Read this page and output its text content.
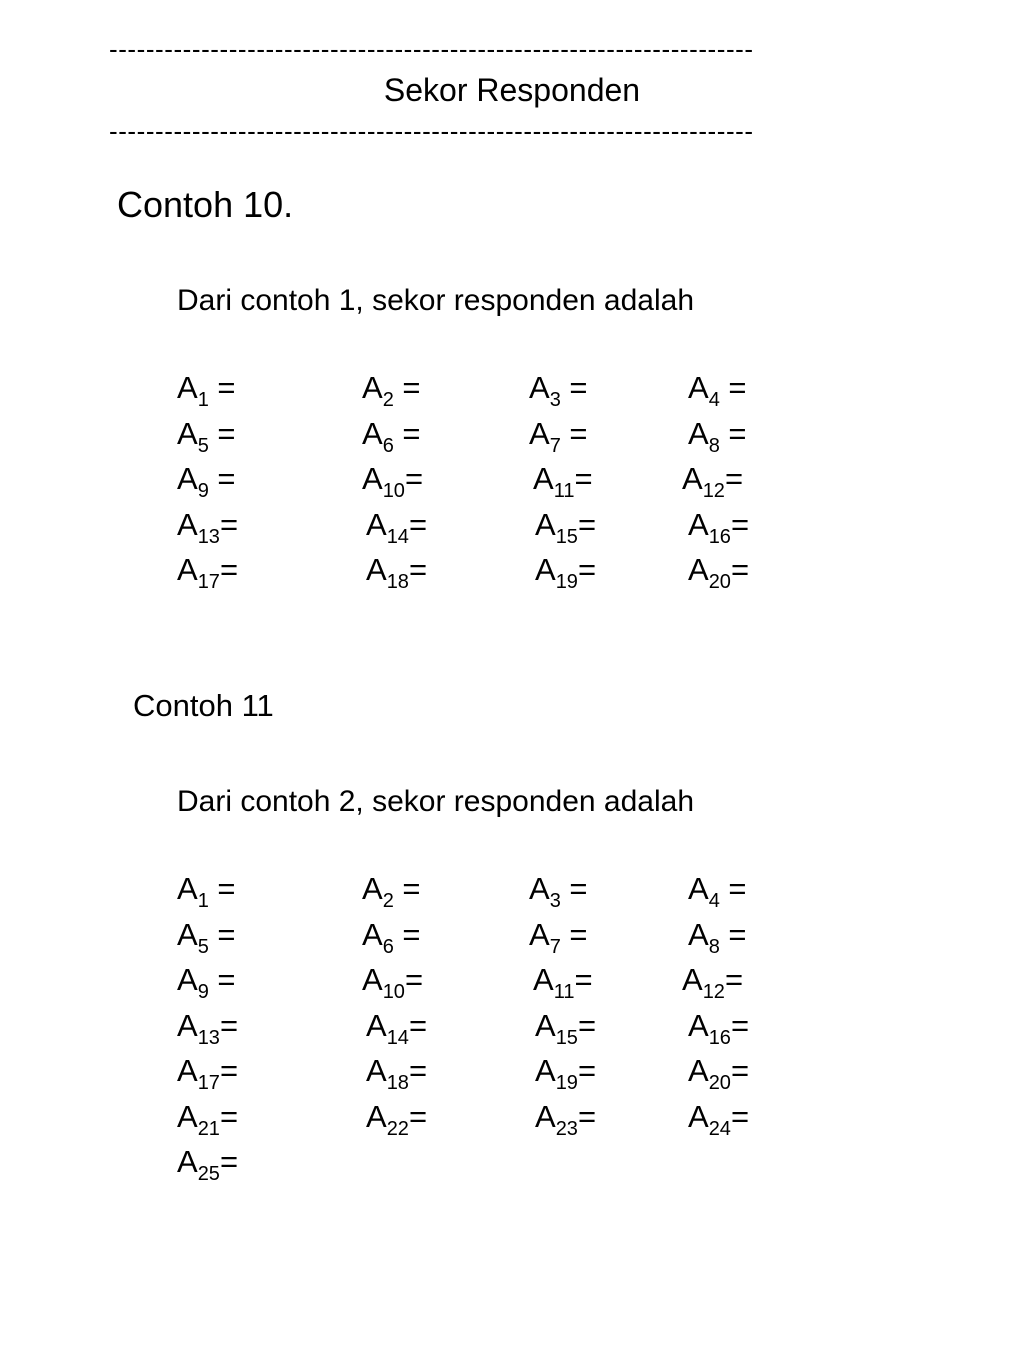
----------------------------------------------------------------------
Sekor Responden
----------------------------------------------------------------------
Contoh 10.
Dari contoh 1, sekor responden adalah
$A_1$ =	$A_2$ =	$A_3$ =	$A_4$ =
$A_5$ =	$A_6$ =	$A_7$ =	$A_8$ =
$A_9$ =	$A_{10}=$	$A_{11}=$	$A_{12}=$
$A_{13}=$	$A_{14}=$	$A_{15}=$	$A_{16}=$
$A_{17}=$	$A_{18}=$	$A_{19}=$	$A_{20}=$
Contoh 11
Dari contoh 2, sekor responden adalah
$A_1$ =	$A_2$ =	$A_3$ =	$A_4$ =
$A_5$ =	$A_6$ =	$A_7$ =	$A_8$ =
$A_9$ =	$A_{10}=$	$A_{11}=$	$A_{12}=$
$A_{13}=$	$A_{14}=$	$A_{15}=$	$A_{16}=$
$A_{17}=$	$A_{18}=$	$A_{19}=$	$A_{20}=$
$A_{21}=$	$A_{22}=$	$A_{23}=$	$A_{24}=$
$A_{25}=$
